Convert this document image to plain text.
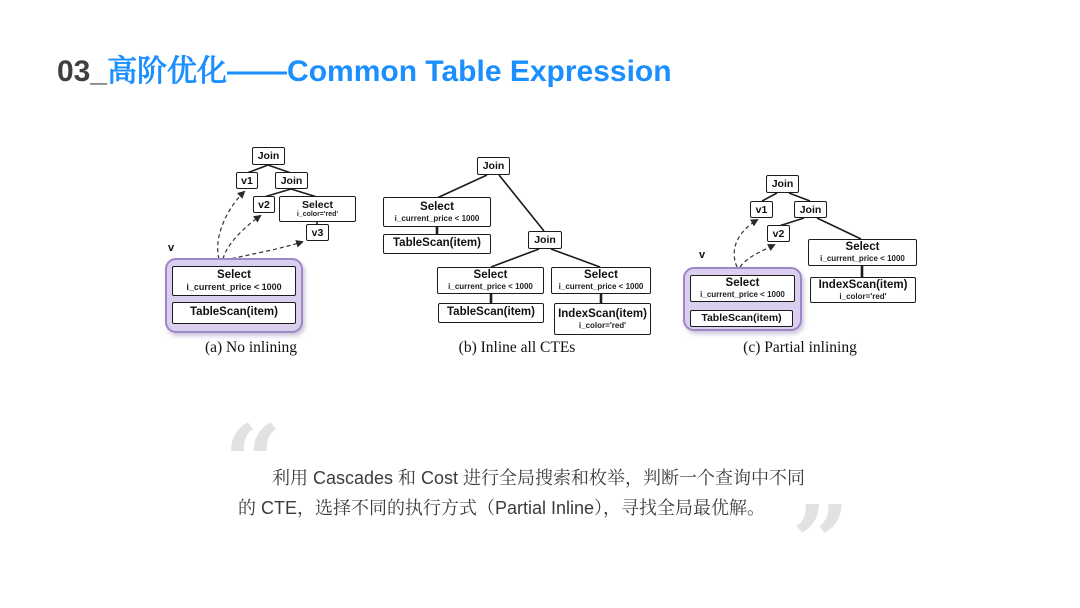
03_高阶优化——Common Table Expression
Join
v1	Join
v2	Select
i_color='red'
v3
v
Select
i_current_price < 1000
TableScan(item)
(a) No inlining
Join
Select
i_current_price < 1000
TableScan(item)	Join
Select
i_current_price < 1000
TableScan(item)
Select
i_current_price < 1000
IndexScan(item)
i_color='red'
(b) Inline all CTEs
Join
v1	Join
v2
Select
i_current_price < 1000
IndexScan(item)
i_color='red'
v
Select
i_current_price < 1000
TableScan(item)
(c) Partial inlining
“
利用 Cascades 和 Cost 进行全局搜索和枚举，判断一个查询中不同
的 CTE，选择不同的执行方式（Partial Inline），寻找全局最优解。 ”
